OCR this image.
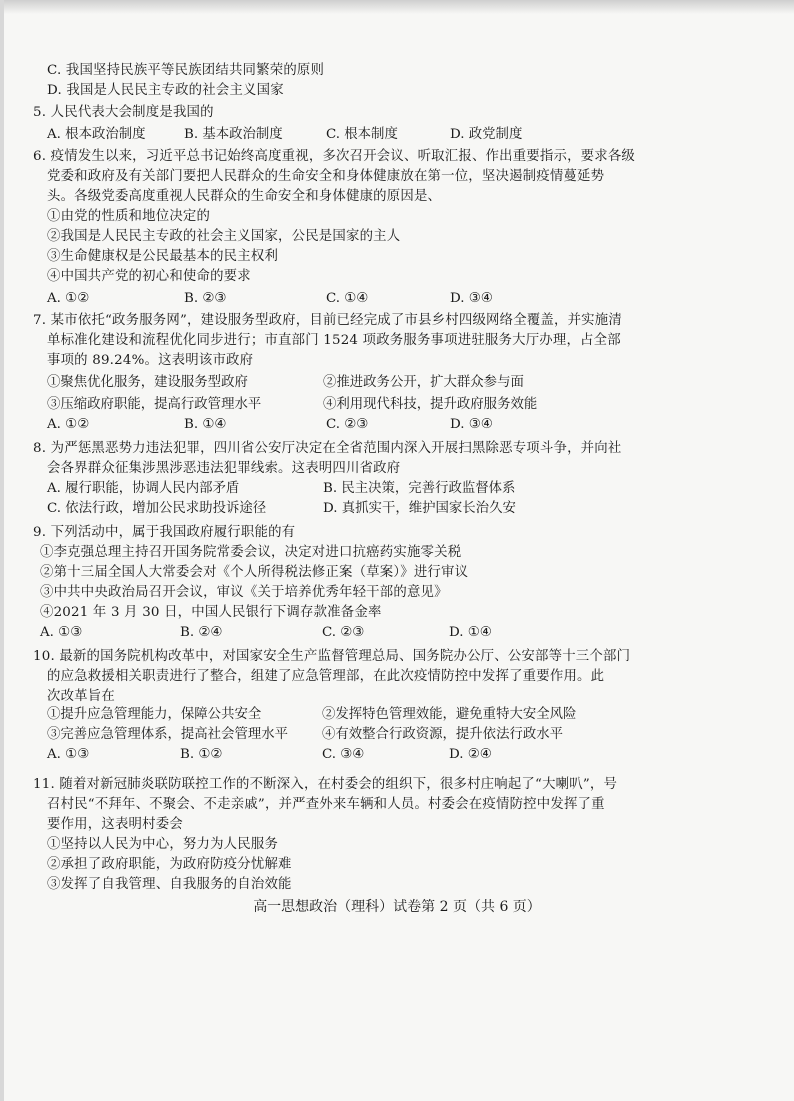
C. 我国坚持民族平等民族团结共同繁荣的原则
D. 我国是人民民主专政的社会主义国家
5. 人民代表大会制度是我国的
6. 疫情发生以来，习近平总书记始终高度重视，多次召开会议、听取汇报、作出重要指示，要求各级
党委和政府及有关部门要把人民群众的生命安全和身体健康放在第一位，坚决遏制疫情蔓延势
头。各级党委高度重视人民群众的生命安全和身体健康的原因是、
①由党的性质和地位决定的
②我国是人民民主专政的社会主义国家，公民是国家的主人
③生命健康权是公民最基本的民主权利
④中国共产党的初心和使命的要求
7. 某市依托“政务服务网”，建设服务型政府，目前已经完成了市县乡村四级网络全覆盖，并实施清
单标准化建设和流程优化同步进行；市直部门 1524 项政务服务事项进驻服务大厅办理，占全部
事项的 89.24%。这表明该市政府
8. 为严惩黑恶势力违法犯罪，四川省公安厅决定在全省范围内深入开展扫黑除恶专项斗争，并向社
会各界群众征集涉黑涉恶违法犯罪线索。这表明四川省政府
9. 下列活动中，属于我国政府履行职能的有
①李克强总理主持召开国务院常委会议，决定对进口抗癌药实施零关税
②第十三届全国人大常委会对《个人所得税法修正案（草案）》进行审议
③中共中央政治局召开会议，审议《关于培养优秀年轻干部的意见》
④2021 年 3 月 30 日，中国人民银行下调存款准备金率
10. 最新的国务院机构改革中，对国家安全生产监督管理总局、国务院办公厅、公安部等十三个部门
的应急救援相关职责进行了整合，组建了应急管理部，在此次疫情防控中发挥了重要作用。此
次改革旨在
11. 随着对新冠肺炎联防联控工作的不断深入，在村委会的组织下，很多村庄响起了“大喇叭”，号
召村民“不拜年、不聚会、不走亲戚”，并严查外来车辆和人员。村委会在疫情防控中发挥了重
要作用，这表明村委会
①坚持以人民为中心，努力为人民服务
②承担了政府职能，为政府防疫分忧解难
③发挥了自我管理、自我服务的自治效能
A. 根本政治制度	B. 基本政治制度	C. 根本制度	D. 政党制度
A. ①②	B. ②③	C. ①④	D. ③④
①聚焦优化服务，建设服务型政府	②推进政务公开，扩大群众参与面
③压缩政府职能，提高行政管理水平	④利用现代科技，提升政府服务效能
A. ①②	B. ①④	C. ②③	D. ③④
A. 履行职能，协调人民内部矛盾	B. 民主决策，完善行政监督体系
C. 依法行政，增加公民求助投诉途径	D. 真抓实干，维护国家长治久安
A. ①③	B. ②④	C. ②③	D. ①④
①提升应急管理能力，保障公共安全	②发挥特色管理效能，避免重特大安全风险
③完善应急管理体系，提高社会管理水平	④有效整合行政资源，提升依法行政水平
A. ①③	B. ①②	C. ③④	D. ②④
高一思想政治（理科）试卷第 2 页（共 6 页）
